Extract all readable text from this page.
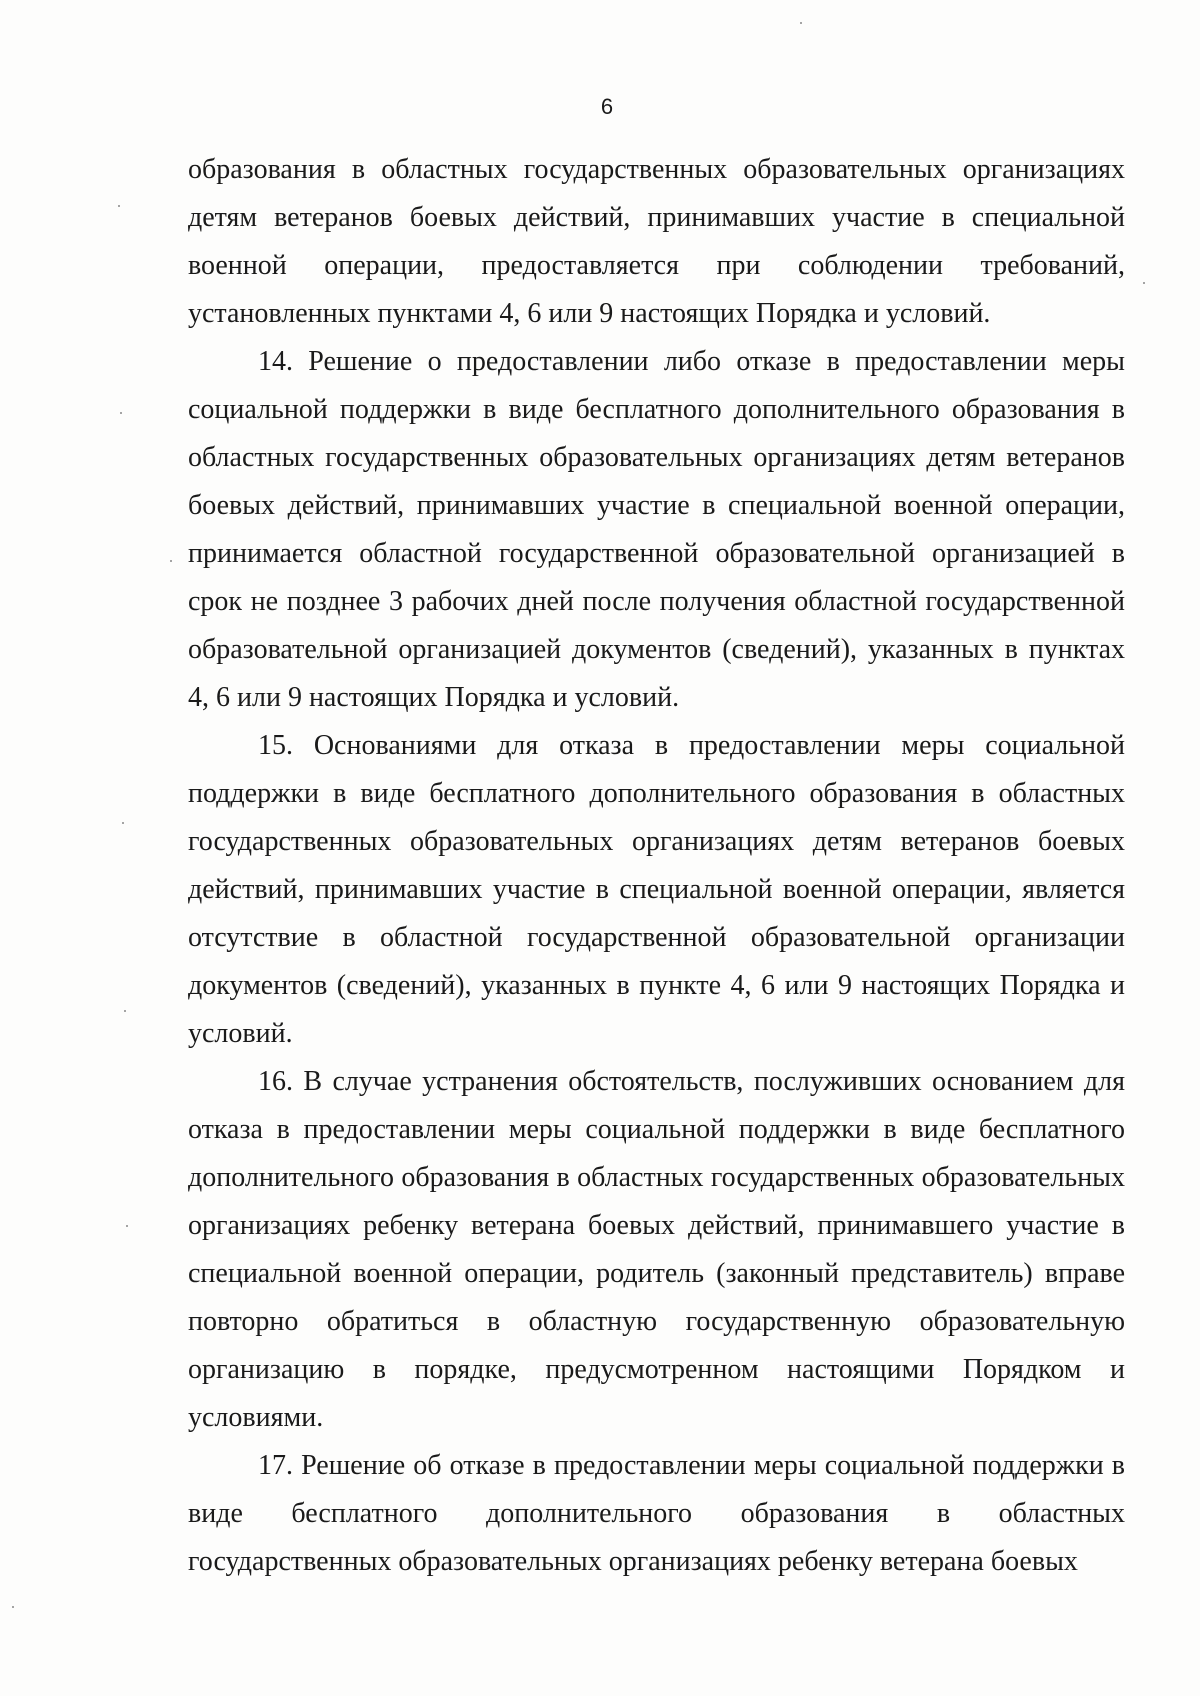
6

образования в областных государственных образовательных организациях детям ветеранов боевых действий, принимавших участие в специальной военной операции, предоставляется при соблюдении требований, установленных пунктами 4, 6 или 9 настоящих Порядка и условий.

14. Решение о предоставлении либо отказе в предоставлении меры социальной поддержки в виде бесплатного дополнительного образования в областных государственных образовательных организациях детям ветеранов боевых действий, принимавших участие в специальной военной операции, принимается областной государственной образовательной организацией в срок не позднее 3 рабочих дней после получения областной государственной образовательной организацией документов (сведений), указанных в пунктах 4, 6 или 9 настоящих Порядка и условий.

15. Основаниями для отказа в предоставлении меры социальной поддержки в виде бесплатного дополнительного образования в областных государственных образовательных организациях детям ветеранов боевых действий, принимавших участие в специальной военной операции, является отсутствие в областной государственной образовательной организации документов (сведений), указанных в пункте 4, 6 или 9 настоящих Порядка и условий.

16. В случае устранения обстоятельств, послуживших основанием для отказа в предоставлении меры социальной поддержки в виде бесплатного дополнительного образования в областных государственных образовательных организациях ребенку ветерана боевых действий, принимавшего участие в специальной военной операции, родитель (законный представитель) вправе повторно обратиться в областную государственную образовательную организацию в порядке, предусмотренном настоящими Порядком и условиями.

17. Решение об отказе в предоставлении меры социальной поддержки в виде бесплатного дополнительного образования в областных государственных образовательных организациях ребенку ветерана боевых
